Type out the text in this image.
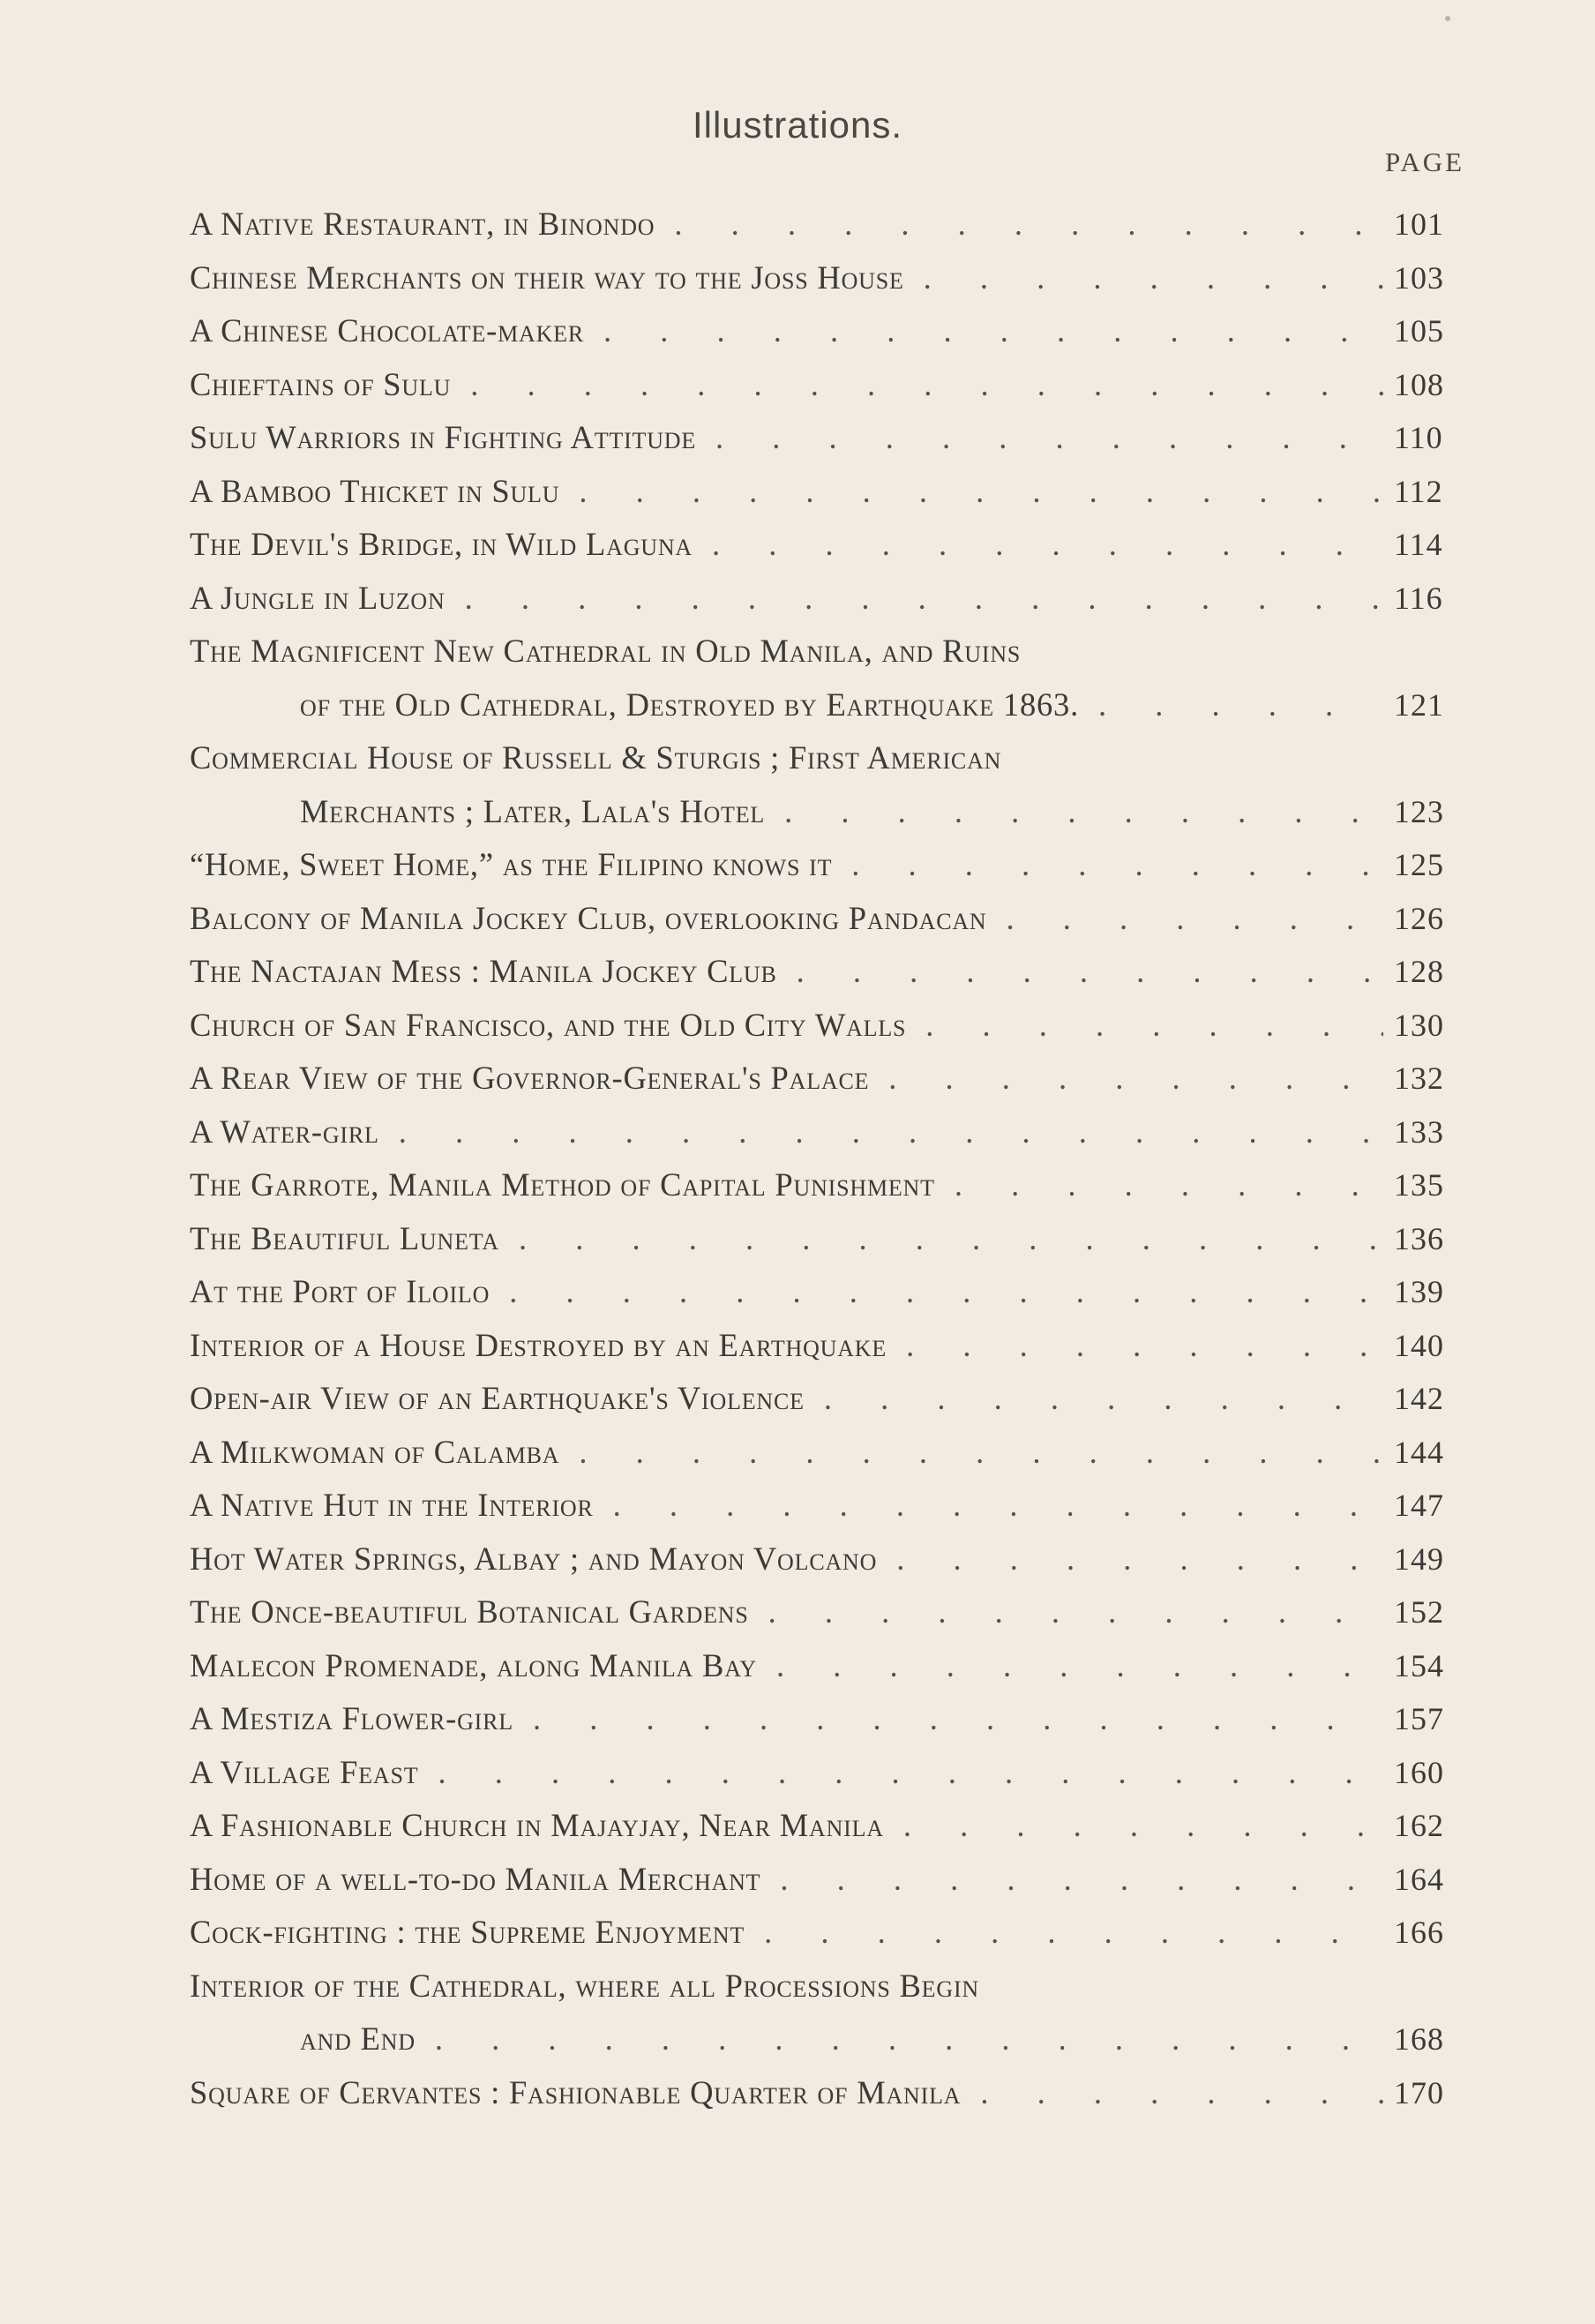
Illustrations.
PAGE
A Native Restaurant, in Binondo . . .	101
Chinese Merchants on their way to the Joss House . . .	103
A Chinese Chocolate-maker . . .	105
Chieftains of Sulu . . .	108
Sulu Warriors in Fighting Attitude . . .	110
A Bamboo Thicket in Sulu . . .	112
The Devil's Bridge, in Wild Laguna . . .	114
A Jungle in Luzon . . .	116
The Magnificent New Cathedral in Old Manila, and Ruins
of the Old Cathedral, Destroyed by Earthquake 1863. . . .	121
Commercial House of Russell & Sturgis ; First American
Merchants ; Later, Lala's Hotel . . .	123
“Home, Sweet Home,” as the Filipino knows it . . .	125
Balcony of Manila Jockey Club, overlooking Pandacan . . .	126
The Nactajan Mess : Manila Jockey Club . . .	128
Church of San Francisco, and the Old City Walls . . .	130
A Rear View of the Governor-General's Palace . . .	132
A Water-girl . . .	133
The Garrote, Manila Method of Capital Punishment . . .	135
The Beautiful Luneta . . .	136
At the Port of Iloilo . . .	139
Interior of a House Destroyed by an Earthquake . . .	140
Open-air View of an Earthquake's Violence . . .	142
A Milkwoman of Calamba . . .	144
A Native Hut in the Interior . . .	147
Hot Water Springs, Albay ; and Mayon Volcano . . .	149
The Once-beautiful Botanical Gardens . . .	152
Malecon Promenade, along Manila Bay . . .	154
A Mestiza Flower-girl . . .	157
A Village Feast . . .	160
A Fashionable Church in Majayjay, Near Manila . . .	162
Home of a well-to-do Manila Merchant . . .	164
Cock-fighting : the Supreme Enjoyment . . .	166
Interior of the Cathedral, where all Processions Begin
and End . . .	168
Square of Cervantes : Fashionable Quarter of Manila . . .	170
